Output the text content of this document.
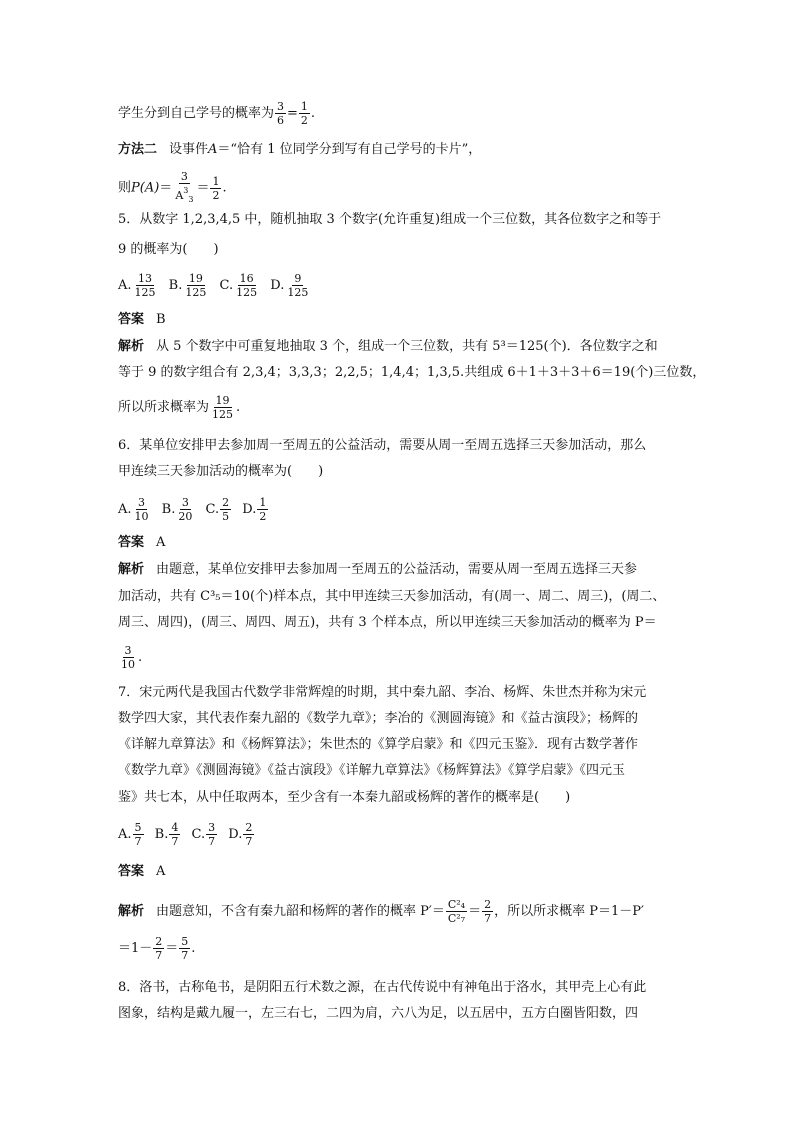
学生分到自己学号的概率为 $\frac{3}{6} = \frac{1}{2}$ .
方法二 设事件A＝“恰有 1 位同学分到写有自己学号的卡片”，
则$P(A)= \frac{3}{A^3_3} = \frac{1}{2}$ .
5．从数字 1,2,3,4,5 中，随机抽取 3 个数字(允许重复)组成一个三位数，其各位数字之和等于
9 的概率为(　　)
A. $\frac{13}{125}$
B. $\frac{19}{125}$
C. $\frac{16}{125}$
D. $\frac{9}{125}$
答案 B
解析 从 5 个数字中可重复地抽取 3 个，组成一个三位数，共有 5³＝125(个)．各位数字之和
等于 9 的数字组合有 2,3,4；3,3,3；2,2,5；1,4,4；1,3,5.共组成 6＋1＋3＋3＋6＝19(个)三位数，
所以所求概率为 $\frac{19}{125}$ .
6．某单位安排甲去参加周一至周五的公益活动，需要从周一至周五选择三天参加活动，那么
甲连续三天参加活动的概率为(　　)
A. $\frac{3}{10}$
B. $\frac{3}{20}$
C. $\frac{2}{5}$
D. $\frac{1}{2}$
答案 A
解析 由题意，某单位安排甲去参加周一至周五的公益活动，需要从周一至周五选择三天参
加活动，共有 C³₅＝10(个)样本点，其中甲连续三天参加活动，有(周一、周二、周三)，(周二、
周三、周四)，(周三、周四、周五)，共有 3 个样本点，所以甲连续三天参加活动的概率为 P＝
$\frac{3}{10}$ .
7．宋元两代是我国古代数学非常辉煌的时期，其中秦九韶、李冶、杨辉、朱世杰并称为宋元
数学四大家，其代表作秦九韶的《数学九章》；李冶的《测圆海镜》和《益古演段》；杨辉的
《详解九章算法》和《杨辉算法》；朱世杰的《算学启蒙》和《四元玉鉴》．现有古数学著作
《数学九章》《测圆海镜》《益古演段》《详解九章算法》《杨辉算法》《算学启蒙》《四元玉
鉴》共七本，从中任取两本，至少含有一本秦九韶或杨辉的著作的概率是(　　)
A. $\frac{5}{7}$
B. $\frac{4}{7}$
C. $\frac{3}{7}$
D. $\frac{2}{7}$
答案 A
解析 由题意知，不含有秦九韶和杨辉的著作的概率 $P'= \frac{\text{C²₄}}{\text{C²₇}} = \frac{2}{7}$ ，所以所求概率 P＝1－P′
$=1- \frac{2}{7} = \frac{5}{7}$ .
8．洛书，古称龟书，是阴阳五行术数之源，在古代传说中有神龟出于洛水，其甲壳上心有此
图象，结构是戴九履一，左三右七，二四为肩，六八为足，以五居中，五方白圈皆阳数，四
